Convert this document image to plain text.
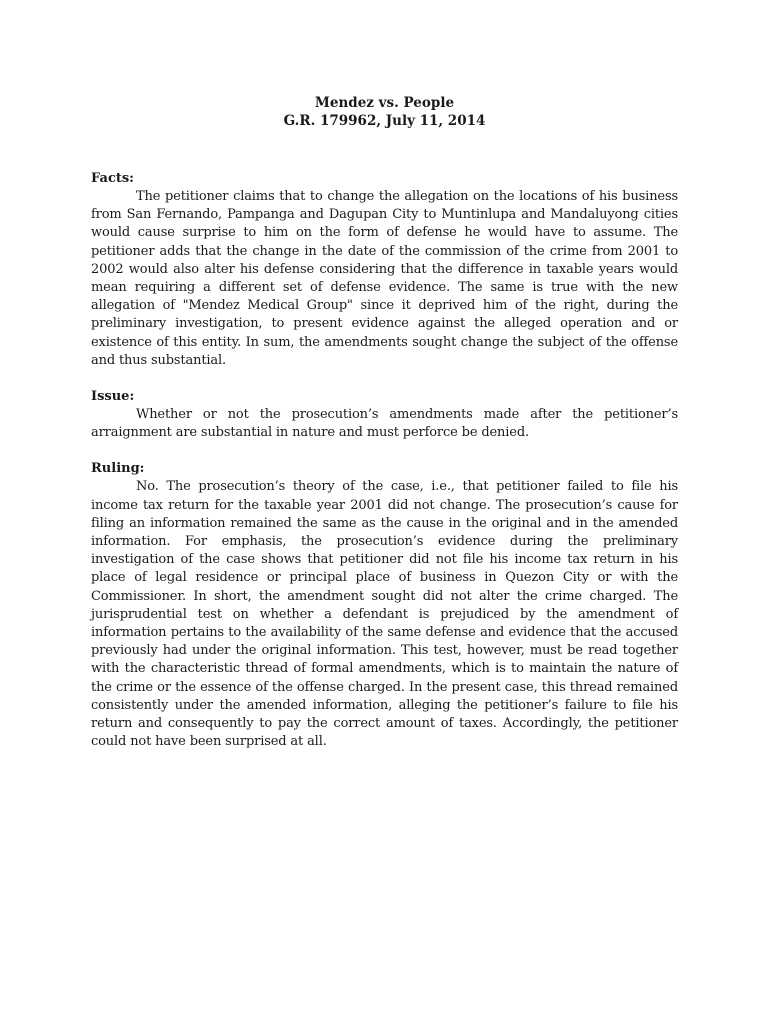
Mendez vs. People

G.R. 179962, July 11, 2014

Facts:

The petitioner claims that to change the allegation on the locations of his business from San Fernando, Pampanga and Dagupan City to Muntinlupa and Mandaluyong cities would cause surprise to him on the form of defense he would have to assume. The petitioner adds that the change in the date of the commission of the crime from 2001 to 2002 would also alter his defense considering that the difference in taxable years would mean requiring a different set of defense evidence. The same is true with the new allegation of "Mendez Medical Group" since it deprived him of the right, during the preliminary investigation, to present evidence against the alleged operation and or existence of this entity. In sum, the amendments sought change the subject of the offense and thus substantial.

Issue:

Whether or not the prosecution’s amendments made after the petitioner’s arraignment are substantial in nature and must perforce be denied.

Ruling:

No. The prosecution’s theory of the case, i.e., that petitioner failed to file his income tax return for the taxable year 2001 did not change. The prosecution’s cause for filing an information remained the same as the cause in the original and in the amended information. For emphasis, the prosecution’s evidence during the preliminary investigation of the case shows that petitioner did not file his income tax return in his place of legal residence or principal place of business in Quezon City or with the Commissioner. In short, the amendment sought did not alter the crime charged. The jurisprudential test on whether a defendant is prejudiced by the amendment of information pertains to the availability of the same defense and evidence that the accused previously had under the original information. This test, however, must be read together with the characteristic thread of formal amendments, which is to maintain the nature of the crime or the essence of the offense charged. In the present case, this thread remained consistently under the amended information, alleging the petitioner’s failure to file his return and consequently to pay the correct amount of taxes. Accordingly, the petitioner could not have been surprised at all.
